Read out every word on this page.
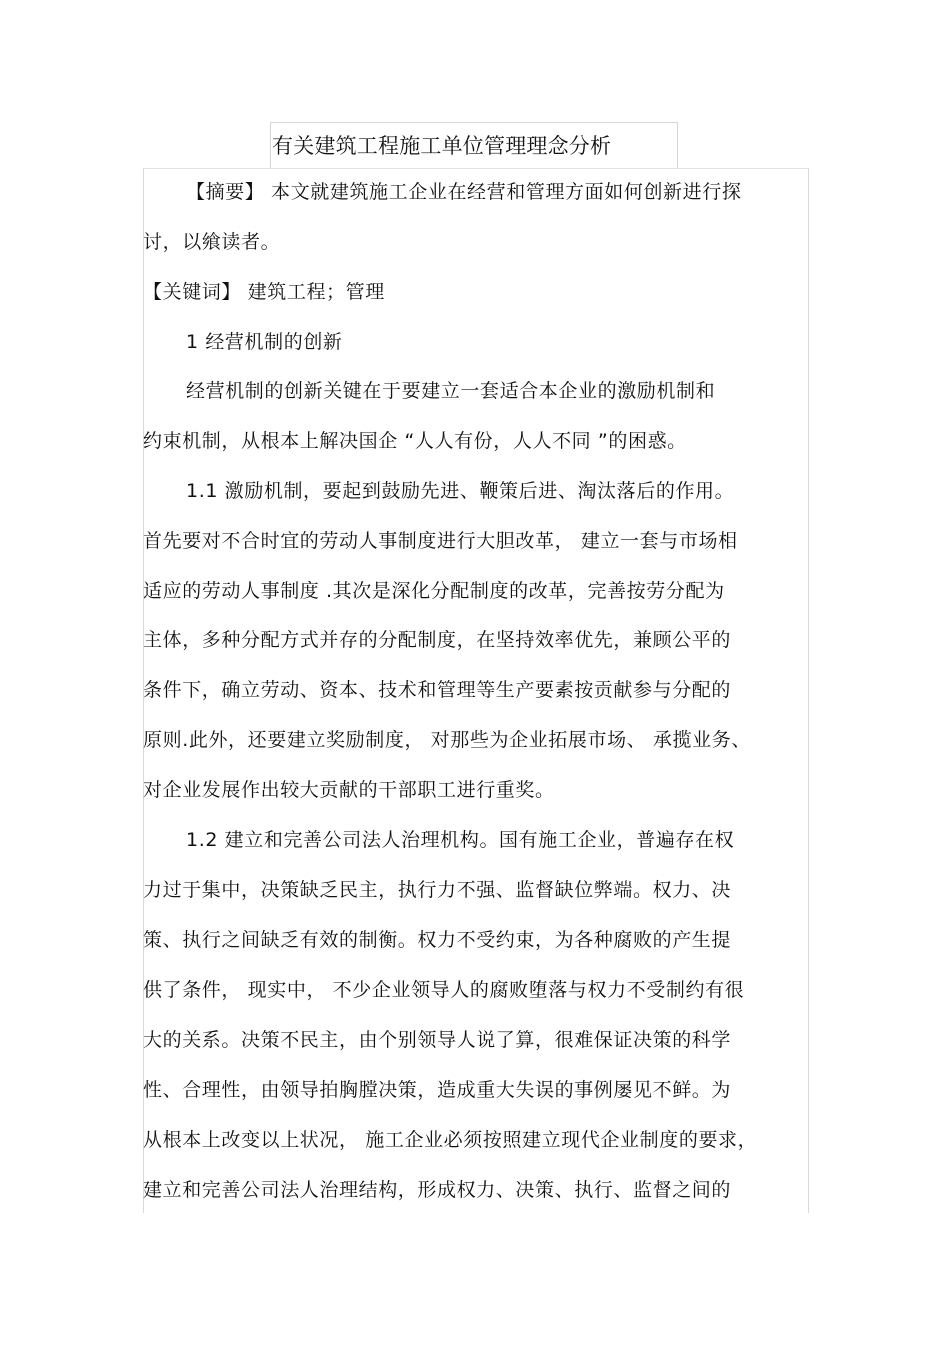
有关建筑工程施工单位管理理念分析
【摘要】 本文就建筑施工企业在经营和管理方面如何创新进行探
讨，以飨读者。
【关键词】 建筑工程；管理
1 经营机制的创新
经营机制的创新关键在于要建立一套适合本企业的激励机制和
约束机制，从根本上解决国企 “人人有份，人人不同 ”的困惑。
1.1 激励机制，要起到鼓励先进、鞭策后进、淘汰落后的作用。
首先要对不合时宜的劳动人事制度进行大胆改革， 建立一套与市场相
适应的劳动人事制度 .其次是深化分配制度的改革，完善按劳分配为
主体，多种分配方式并存的分配制度，在坚持效率优先，兼顾公平的
条件下，确立劳动、资本、技术和管理等生产要素按贡献参与分配的
原则.此外，还要建立奖励制度， 对那些为企业拓展市场、 承揽业务、
对企业发展作出较大贡献的干部职工进行重奖。
1.2 建立和完善公司法人治理机构。国有施工企业，普遍存在权
力过于集中，决策缺乏民主，执行力不强、监督缺位弊端。权力、决
策、执行之间缺乏有效的制衡。权力不受约束，为各种腐败的产生提
供了条件， 现实中， 不少企业领导人的腐败堕落与权力不受制约有很
大的关系。决策不民主，由个别领导人说了算，很难保证决策的科学
性、合理性，由领导拍胸膛决策，造成重大失误的事例屡见不鲜。为
从根本上改变以上状况， 施工企业必须按照建立现代企业制度的要求，
建立和完善公司法人治理结构，形成权力、决策、执行、监督之间的
